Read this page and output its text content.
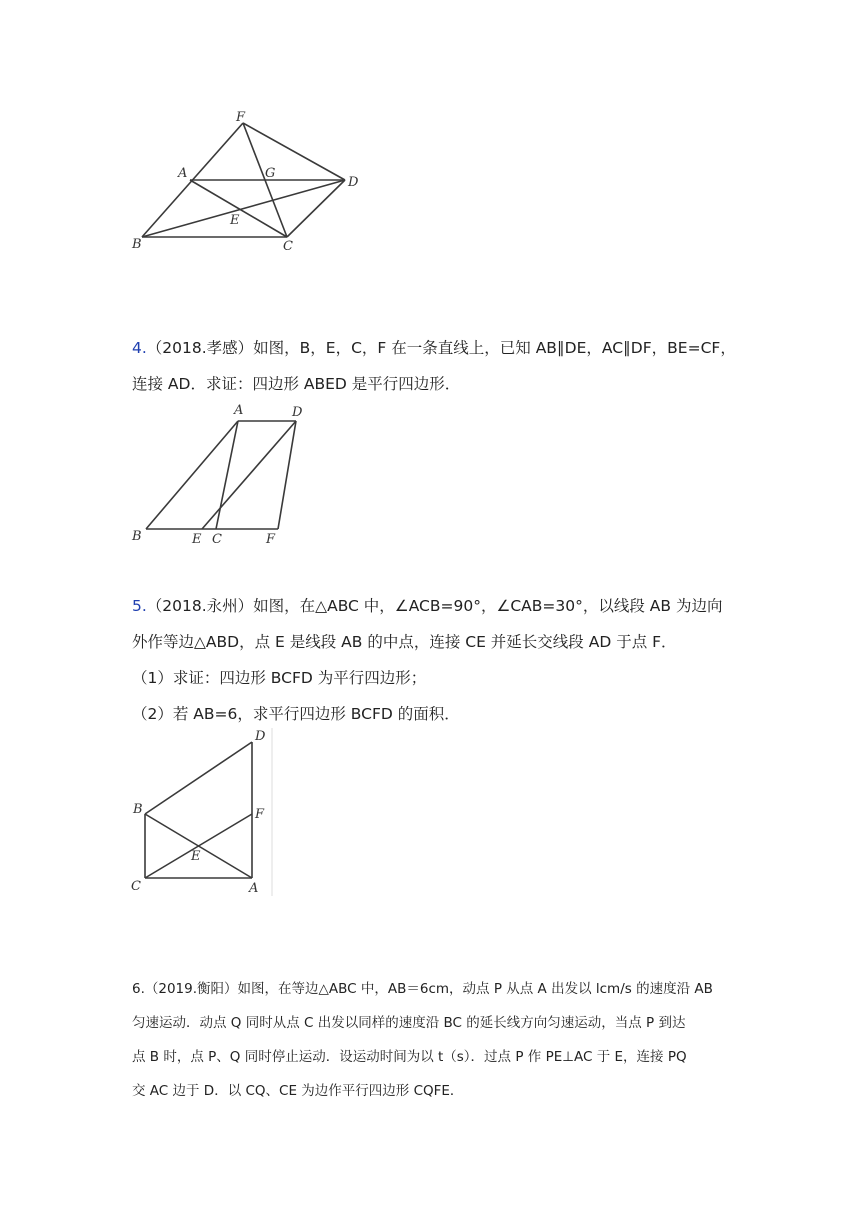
F
A	G
D
E
B	C
4.（2018.孝感）如图，B，E，C，F 在一条直线上，已知 AB∥DE，AC∥DF，BE=CF，
连接 AD．求证：四边形 ABED 是平行四边形．
A	D
B	E C	F
5.（2018.永州）如图，在△ABC 中，∠ACB=90°，∠CAB=30°，以线段 AB 为边向
外作等边△ABD，点 E 是线段 AB 的中点，连接 CE 并延长交线段 AD 于点 F．
（1）求证：四边形 BCFD 为平行四边形；
（2）若 AB=6，求平行四边形 BCFD 的面积．
D
B	F
E
C	A
6.（2019.衡阳）如图，在等边△ABC 中，AB＝6cm，动点 P 从点 A 出发以 lcm/s 的速度沿 AB
匀速运动．动点 Q 同时从点 C 出发以同样的速度沿 BC 的延长线方向匀速运动，当点 P 到达
点 B 时，点 P、Q 同时停止运动．设运动时间为以 t（s）．过点 P 作 PE⊥AC 于 E，连接 PQ
交 AC 边于 D．以 CQ、CE 为边作平行四边形 CQFE．
